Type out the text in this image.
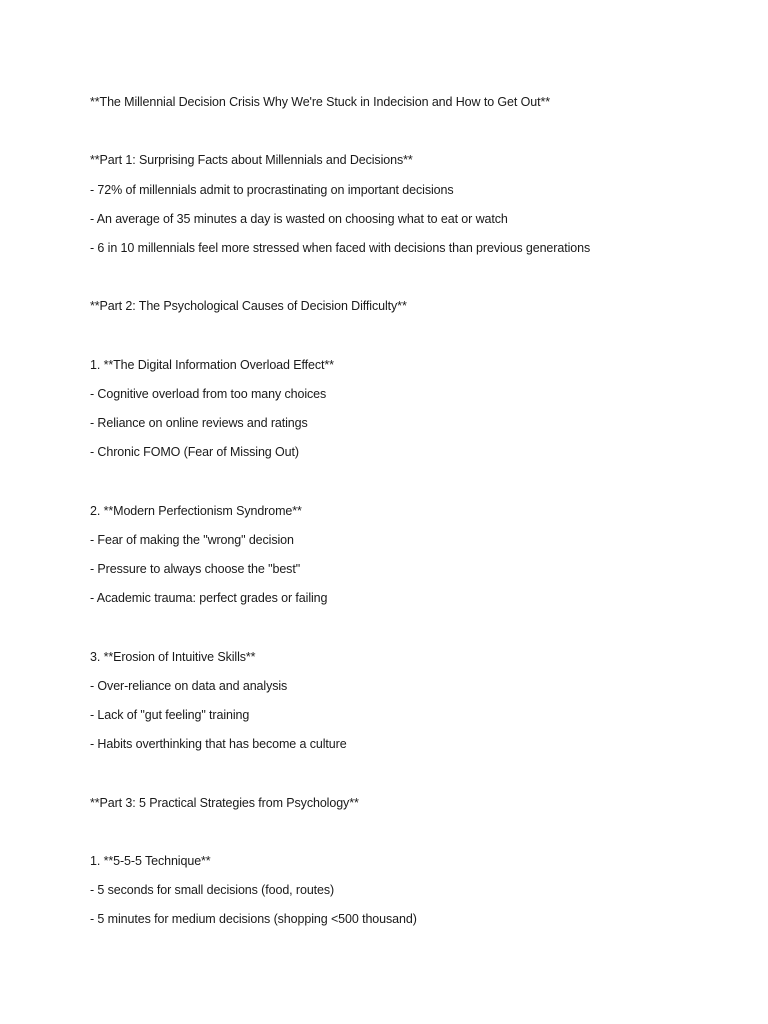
**The Millennial Decision Crisis Why We're Stuck in Indecision and How to Get Out**
**Part 1: Surprising Facts about Millennials and Decisions**
- 72% of millennials admit to procrastinating on important decisions
- An average of 35 minutes a day is wasted on choosing what to eat or watch
- 6 in 10 millennials feel more stressed when faced with decisions than previous generations
**Part 2: The Psychological Causes of Decision Difficulty**
1. **The Digital Information Overload Effect**
- Cognitive overload from too many choices
- Reliance on online reviews and ratings
- Chronic FOMO (Fear of Missing Out)
2. **Modern Perfectionism Syndrome**
- Fear of making the "wrong" decision
- Pressure to always choose the "best"
- Academic trauma: perfect grades or failing
3. **Erosion of Intuitive Skills**
- Over-reliance on data and analysis
- Lack of "gut feeling" training
- Habits overthinking that has become a culture
**Part 3: 5 Practical Strategies from Psychology**
1. **5-5-5 Technique**
- 5 seconds for small decisions (food, routes)
- 5 minutes for medium decisions (shopping <500 thousand)
